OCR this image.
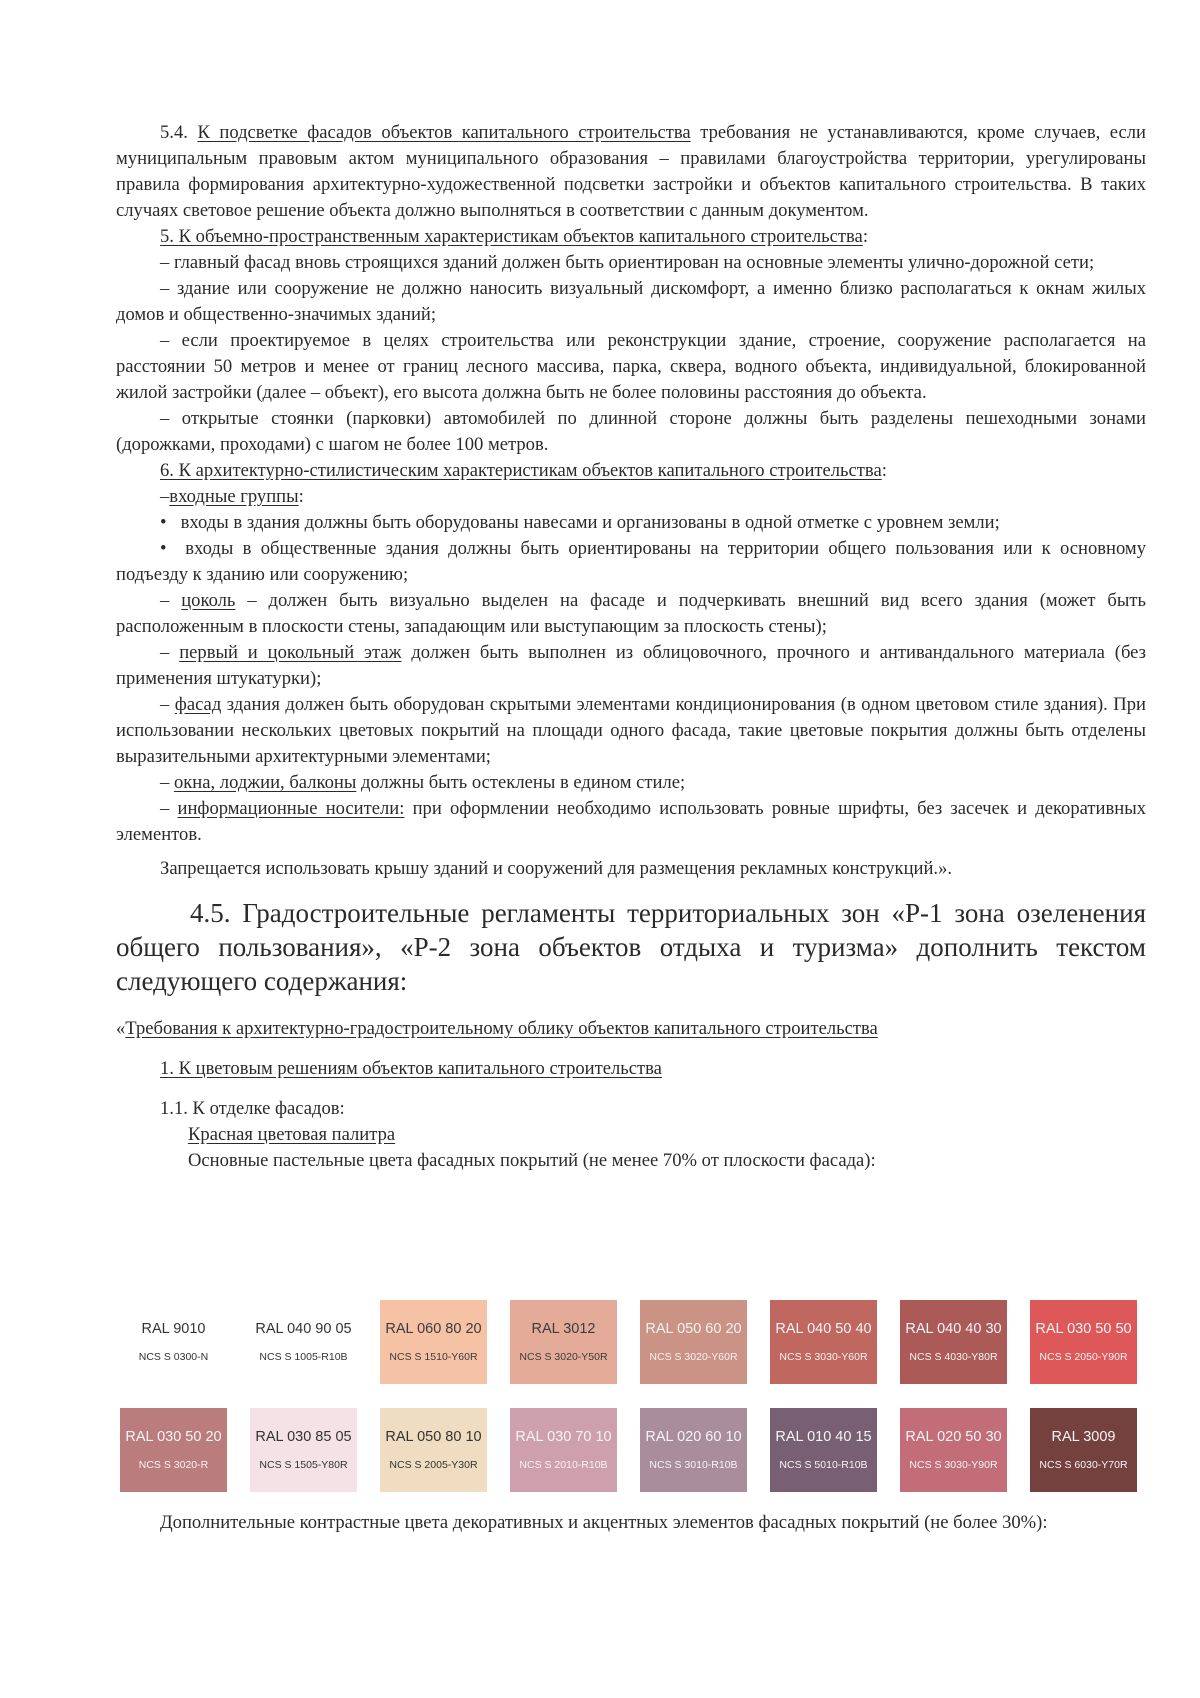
5.4. К подсветке фасадов объектов капитального строительства требования не устанавливаются, кроме случаев, если муниципальным правовым актом муниципального образования – правилами благоустройства территории, урегулированы правила формирования архитектурно-художественной подсветки застройки и объектов капитального строительства. В таких случаях световое решение объекта должно выполняться в соответствии с данным документом.

5. К объемно-пространственным характеристикам объектов капитального строительства:

– главный фасад вновь строящихся зданий должен быть ориентирован на основные элементы улично-дорожной сети;

– здание или сооружение не должно наносить визуальный дискомфорт, а именно близко располагаться к окнам жилых домов и общественно-значимых зданий;

– если проектируемое в целях строительства или реконструкции здание, строение, сооружение располагается на расстоянии 50 метров и менее от границ лесного массива, парка, сквера, водного объекта, индивидуальной, блокированной жилой застройки (далее – объект), его высота должна быть не более половины расстояния до объекта.

– открытые стоянки (парковки) автомобилей по длинной стороне должны быть разделены пешеходными зонами (дорожками, проходами) с шагом не более 100 метров.

6. К архитектурно-стилистическим характеристикам объектов капитального строительства:

–входные группы:

• входы в здания должны быть оборудованы навесами и организованы в одной отметке с уровнем земли;

• входы в общественные здания должны быть ориентированы на территории общего пользования или к основному подъезду к зданию или сооружению;

– цоколь – должен быть визуально выделен на фасаде и подчеркивать внешний вид всего здания (может быть расположенным в плоскости стены, западающим или выступающим за плоскость стены);

– первый и цокольный этаж должен быть выполнен из облицовочного, прочного и антивандального материала (без применения штукатурки);

– фасад здания должен быть оборудован скрытыми элементами кондиционирования (в одном цветовом стиле здания). При использовании нескольких цветовых покрытий на площади одного фасада, такие цветовые покрытия должны быть отделены выразительными архитектурными элементами;

– окна, лоджии, балконы должны быть остеклены в едином стиле;

– информационные носители: при оформлении необходимо использовать ровные шрифты, без засечек и декоративных элементов.

Запрещается использовать крышу зданий и сооружений для размещения рекламных конструкций.».

4.5. Градостроительные регламенты территориальных зон «Р-1 зона озеленения общего пользования», «Р-2 зона объектов отдыха и туризма» дополнить текстом следующего содержания:

«Требования к архитектурно-градостроительному облику объектов капитального строительства

1. К цветовым решениям объектов капитального строительства

1.1. К отделке фасадов:

Красная цветовая палитра

Основные пастельные цвета фасадных покрытий (не менее 70% от плоскости фасада):

RAL 9010
NCS S 0300-N
RAL 040 90 05
NCS S 1005-R10B
RAL 060 80 20
NCS S 1510-Y60R
RAL 3012
NCS S 3020-Y50R
RAL 050 60 20
NCS S 3020-Y60R
RAL 040 50 40
NCS S 3030-Y60R
RAL 040 40 30
NCS S 4030-Y80R
RAL 030 50 50
NCS S 2050-Y90R
RAL 030 50 20
NCS S 3020-R
RAL 030 85 05
NCS S 1505-Y80R
RAL 050 80 10
NCS S 2005-Y30R
RAL 030 70 10
NCS S 2010-R10B
RAL 020 60 10
NCS S 3010-R10B
RAL 010 40 15
NCS S 5010-R10B
RAL 020 50 30
NCS S 3030-Y90R
RAL 3009
NCS S 6030-Y70R

Дополнительные контрастные цвета декоративных и акцентных элементов фасадных покрытий (не более 30%):
